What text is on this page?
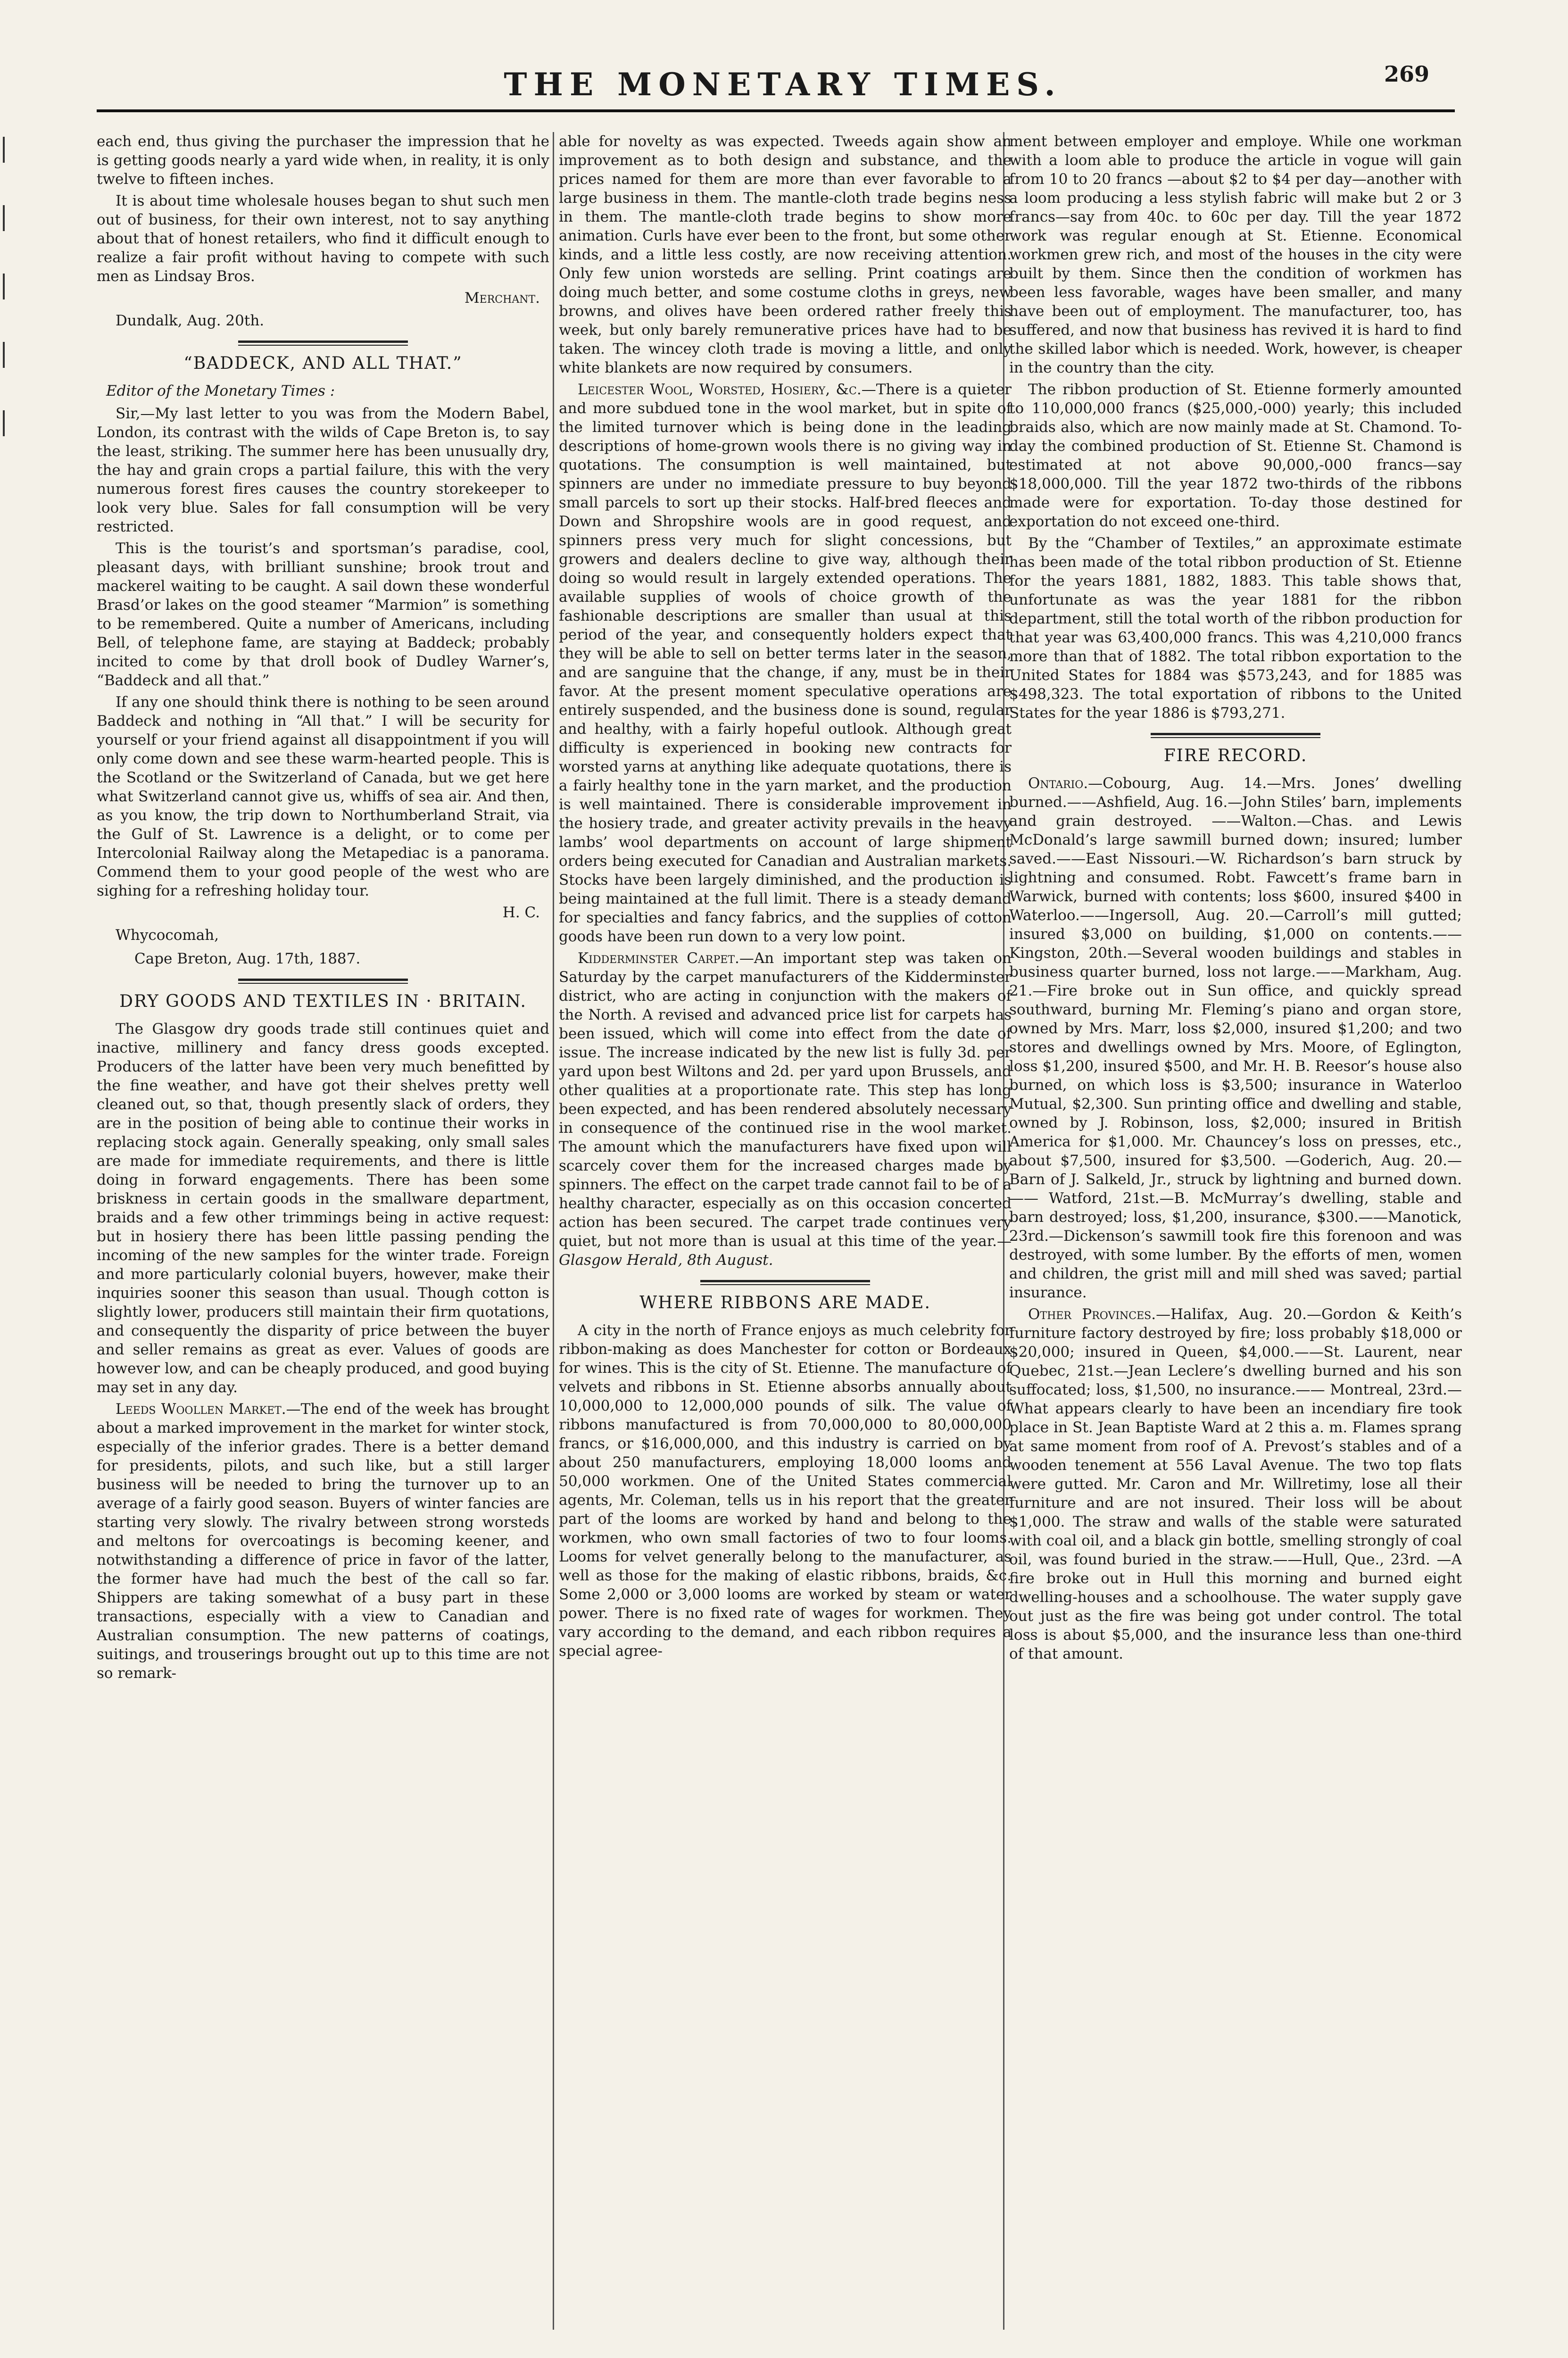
THE MONETARY TIMES.	269

each end, thus giving the purchaser the impression that he is getting goods nearly a yard wide when, in reality, it is only twelve to fifteen inches.

It is about time wholesale houses began to shut such men out of business, for their own interest, not to say anything about that of honest retailers, who find it difficult enough to realize a fair profit without having to compete with such men as Lindsay Bros.

Merchant.
Dundalk, Aug. 20th.
“BADDECK, AND ALL THAT.”
Editor of the Monetary Times :

Sir,—My last letter to you was from the Modern Babel, London, its contrast with the wilds of Cape Breton is, to say the least, striking. The summer here has been unusually dry, the hay and grain crops a partial failure, this with the very numerous forest fires causes the country storekeeper to look very blue. Sales for fall consumption will be very restricted.

This is the tourist’s and sportsman’s paradise, cool, pleasant days, with brilliant sunshine; brook trout and mackerel waiting to be caught. A sail down these wonderful Brasd’or lakes on the good steamer “Marmion” is something to be remembered. Quite a number of Americans, including Bell, of telephone fame, are staying at Baddeck; probably incited to come by that droll book of Dudley Warner’s, “Baddeck and all that.”

If any one should think there is nothing to be seen around Baddeck and nothing in “All that.” I will be security for yourself or your friend against all disappointment if you will only come down and see these warm-hearted people. This is the Scotland or the Switzerland of Canada, but we get here what Switzerland cannot give us, whiffs of sea air. And then, as you know, the trip down to Northumberland Strait, via the Gulf of St. Lawrence is a delight, or to come per Intercolonial Railway along the Metapediac is a panorama. Commend them to your good people of the west who are sighing for a refreshing holiday tour.

H. C.
Whycocomah,
Cape Breton, Aug. 17th, 1887.
DRY GOODS AND TEXTILES IN · BRITAIN.

The Glasgow dry goods trade still continues quiet and inactive, millinery and fancy dress goods excepted. Producers of the latter have been very much benefitted by the fine weather, and have got their shelves pretty well cleaned out, so that, though presently slack of orders, they are in the position of being able to continue their works in replacing stock again. Generally speaking, only small sales are made for immediate requirements, and there is little doing in forward engagements. There has been some briskness in certain goods in the smallware department, braids and a few other trimmings being in active request: but in hosiery there has been little passing pending the incoming of the new samples for the winter trade. Foreign and more particularly colonial buyers, however, make their inquiries sooner this season than usual. Though cotton is slightly lower, producers still maintain their firm quotations, and consequently the disparity of price between the buyer and seller remains as great as ever. Values of goods are however low, and can be cheaply produced, and good buying may set in any day.

Leeds Woollen Market.—The end of the week has brought about a marked improvement in the market for winter stock, especially of the inferior grades. There is a better demand for presidents, pilots, and such like, but a still larger business will be needed to bring the turnover up to an average of a fairly good season. Buyers of winter fancies are starting very slowly. The rivalry between strong worsteds and meltons for overcoatings is becoming keener, and notwithstanding a difference of price in favor of the latter, the former have had much the best of the call so far. Shippers are taking somewhat of a busy part in these transactions, especially with a view to Canadian and Australian consumption. The new patterns of coatings, suitings, and trouserings brought out up to this time are not so remark-

able for novelty as was expected. Tweeds again show an improvement as to both design and substance, and the prices named for them are more than ever favorable to a large business in them. The mantle-cloth trade begins ness in them. The mantle-cloth trade begins to show more animation. Curls have ever been to the front, but some other kinds, and a little less costly, are now receiving attention. Only few union worsteds are selling. Print coatings are doing much better, and some costume cloths in greys, new browns, and olives have been ordered rather freely this week, but only barely remunerative prices have had to be taken. The wincey cloth trade is moving a little, and only white blankets are now required by consumers.

Leicester Wool, Worsted, Hosiery, &c.—There is a quieter and more subdued tone in the wool market, but in spite of the limited turnover which is being done in the leading descriptions of home-grown wools there is no giving way in quotations. The consumption is well maintained, but spinners are under no immediate pressure to buy beyond small parcels to sort up their stocks. Half-bred fleeces and Down and Shropshire wools are in good request, and spinners press very much for slight concessions, but growers and dealers decline to give way, although their doing so would result in largely extended operations. The available supplies of wools of choice growth of the fashionable descriptions are smaller than usual at this period of the year, and consequently holders expect that they will be able to sell on better terms later in the season, and are sanguine that the change, if any, must be in their favor. At the present moment speculative operations are entirely suspended, and the business done is sound, regular and healthy, with a fairly hopeful outlook. Although great difficulty is experienced in booking new contracts for worsted yarns at anything like adequate quotations, there is a fairly healthy tone in the yarn market, and the production is well maintained. There is considerable improvement in the hosiery trade, and greater activity prevails in the heavy lambs’ wool departments on account of large shipment orders being executed for Canadian and Australian markets. Stocks have been largely diminished, and the production is being maintained at the full limit. There is a steady demand for specialties and fancy fabrics, and the supplies of cotton goods have been run down to a very low point.

Kidderminster Carpet.—An important step was taken on Saturday by the carpet manufacturers of the Kidderminster district, who are acting in conjunction with the makers of the North. A revised and advanced price list for carpets has been issued, which will come into effect from the date of issue. The increase indicated by the new list is fully 3d. per yard upon best Wiltons and 2d. per yard upon Brussels, and other qualities at a proportionate rate. This step has long been expected, and has been rendered absolutely necessary in consequence of the continued rise in the wool market. The amount which the manufacturers have fixed upon will scarcely cover them for the increased charges made by spinners. The effect on the carpet trade cannot fail to be of a healthy character, especially as on this occasion concerted action has been secured. The carpet trade continues very quiet, but not more than is usual at this time of the year.—Glasgow Herald, 8th August.

WHERE RIBBONS ARE MADE.

A city in the north of France enjoys as much celebrity for ribbon-making as does Manchester for cotton or Bordeaux for wines. This is the city of St. Etienne. The manufacture of velvets and ribbons in St. Etienne absorbs annually about 10,000,000 to 12,000,000 pounds of silk. The value of ribbons manufactured is from 70,000,000 to 80,000,000 francs, or $16,000,000, and this industry is carried on by about 250 manufacturers, employing 18,000 looms and 50,000 workmen. One of the United States commercial agents, Mr. Coleman, tells us in his report that the greater part of the looms are worked by hand and belong to the workmen, who own small factories of two to four looms. Looms for velvet generally belong to the manufacturer, as well as those for the making of elastic ribbons, braids, &c. Some 2,000 or 3,000 looms are worked by steam or water power. There is no fixed rate of wages for workmen. They vary according to the demand, and each ribbon requires a special agree-

ment between employer and employe. While one workman with a loom able to produce the article in vogue will gain from 10 to 20 francs —about $2 to $4 per day—another with a loom producing a less stylish fabric will make but 2 or 3 francs—say from 40c. to 60c per day. Till the year 1872 work was regular enough at St. Etienne. Economical workmen grew rich, and most of the houses in the city were built by them. Since then the condition of workmen has been less favorable, wages have been smaller, and many have been out of employment. The manufacturer, too, has suffered, and now that business has revived it is hard to find the skilled labor which is needed. Work, however, is cheaper in the country than the city.

The ribbon production of St. Etienne formerly amounted to 110,000,000 francs ($25,000,-000) yearly; this included braids also, which are now mainly made at St. Chamond. To-day the combined production of St. Etienne St. Chamond is estimated at not above 90,000,-000 francs—say $18,000,000. Till the year 1872 two-thirds of the ribbons made were for exportation. To-day those destined for exportation do not exceed one-third.

By the “Chamber of Textiles,” an approximate estimate has been made of the total ribbon production of St. Etienne for the years 1881, 1882, 1883. This table shows that, unfortunate as was the year 1881 for the ribbon department, still the total worth of the ribbon production for that year was 63,400,000 francs. This was 4,210,000 francs more than that of 1882. The total ribbon exportation to the United States for 1884 was $573,243, and for 1885 was $498,323. The total exportation of ribbons to the United States for the year 1886 is $793,271.

FIRE RECORD.

Ontario.—Cobourg, Aug. 14.—Mrs. Jones’ dwelling burned.——Ashfield, Aug. 16.—John Stiles’ barn, implements and grain destroyed. ——Walton.—Chas. and Lewis McDonald’s large sawmill burned down; insured; lumber saved.——East Nissouri.—W. Richardson’s barn struck by lightning and consumed. Robt. Fawcett’s frame barn in Warwick, burned with contents; loss $600, insured $400 in Waterloo.——Ingersoll, Aug. 20.—Carroll’s mill gutted; insured $3,000 on building, $1,000 on contents.——Kingston, 20th.—Several wooden buildings and stables in business quarter burned, loss not large.——Markham, Aug. 21.—Fire broke out in Sun office, and quickly spread southward, burning Mr. Fleming’s piano and organ store, owned by Mrs. Marr, loss $2,000, insured $1,200; and two stores and dwellings owned by Mrs. Moore, of Eglington, loss $1,200, insured $500, and Mr. H. B. Reesor’s house also burned, on which loss is $3,500; insurance in Waterloo Mutual, $2,300. Sun printing office and dwelling and stable, owned by J. Robinson, loss, $2,000; insured in British America for $1,000. Mr. Chauncey’s loss on presses, etc., about $7,500, insured for $3,500. —Goderich, Aug. 20.—Barn of J. Salkeld, Jr., struck by lightning and burned down.—— Watford, 21st.—B. McMurray’s dwelling, stable and barn destroyed; loss, $1,200, insurance, $300.——Manotick, 23rd.—Dickenson’s sawmill took fire this forenoon and was destroyed, with some lumber. By the efforts of men, women and children, the grist mill and mill shed was saved; partial insurance.

Other Provinces.—Halifax, Aug. 20.—Gordon & Keith’s furniture factory destroyed by fire; loss probably $18,000 or $20,000; insured in Queen, $4,000.——St. Laurent, near Quebec, 21st.—Jean Leclere’s dwelling burned and his son suffocated; loss, $1,500, no insurance.—— Montreal, 23rd.—What appears clearly to have been an incendiary fire took place in St. Jean Baptiste Ward at 2 this a. m. Flames sprang at same moment from roof of A. Prevost’s stables and of a wooden tenement at 556 Laval Avenue. The two top flats were gutted. Mr. Caron and Mr. Willretimy, lose all their furniture and are not insured. Their loss will be about $1,000. The straw and walls of the stable were saturated with coal oil, and a black gin bottle, smelling strongly of coal oil, was found buried in the straw.——Hull, Que., 23rd. —A fire broke out in Hull this morning and burned eight dwelling-houses and a schoolhouse. The water supply gave out just as the fire was being got under control. The total loss is about $5,000, and the insurance less than one-third of that amount.
